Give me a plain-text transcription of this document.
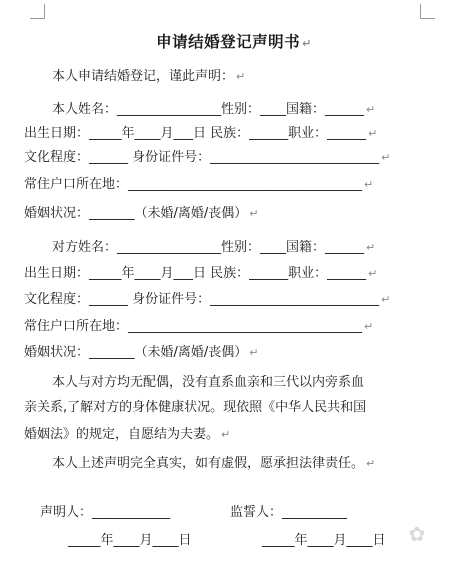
申请结婚登记声明书 ↵
本人申请结婚登记，谨此声明： ↵
本人姓名：________________性别：____国籍：______ ↵
出生日期：_____年____月___日 民族：______职业：______ ↵
文化程度：______ 身份证件号：__________________________ ↵
常住户口所在地：____________________________________ ↵
婚姻状况：_______（未婚/离婚/丧偶） ↵
对方姓名：________________性别：____国籍：______ ↵
出生日期：_____年____月___日 民族：______职业：______ ↵
文化程度：______ 身份证件号：__________________________ ↵
常住户口所在地：____________________________________ ↵
婚姻状况：_______（未婚/离婚/丧偶） ↵
本人与对方均无配偶，没有直系血亲和三代以内旁系血
亲关系,了解对方的身体健康状况。现依照《中华人民共和国
婚姻法》的规定，自愿结为夫妻。 ↵
本人上述声明完全真实，如有虚假，愿承担法律责任。 ↵
声明人：____________	监誓人：__________
_____年____月____日	_____年____月____日	✿
